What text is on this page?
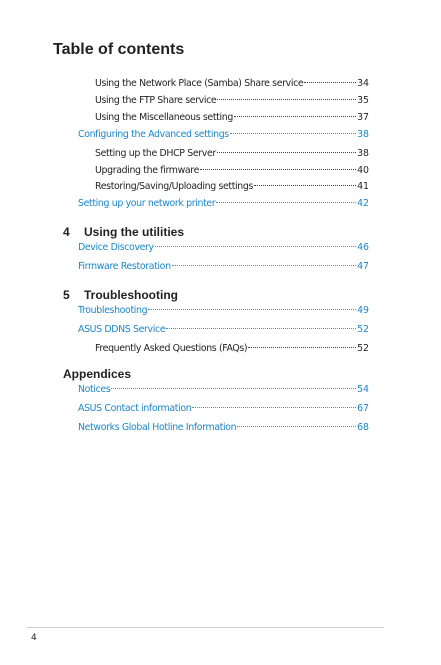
Table of contents
Using the Network Place (Samba) Share service	34
Using the FTP Share service	35
Using the Miscellaneous setting	37
Configuring the Advanced settings	38
Setting up the DHCP Server	38
Upgrading the firmware	40
Restoring/Saving/Uploading settings	41
Setting up your network printer	42
4	Using the utilities
Device Discovery	46
Firmware Restoration	47
5	Troubleshooting
Troubleshooting	49
ASUS DDNS Service	52
Frequently Asked Questions (FAQs)	52
Appendices
Notices	54
ASUS Contact information	67
Networks Global Hotline Information	68
4
